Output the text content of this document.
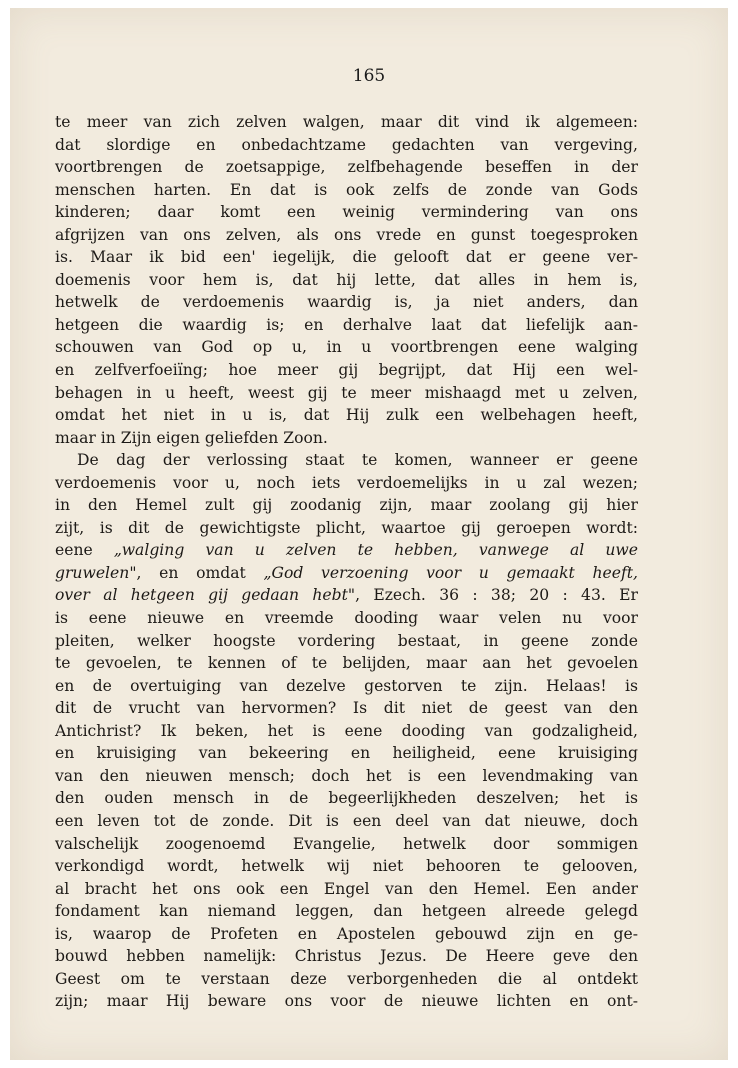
165
te meer van zich zelven walgen, maar dit vind ik algemeen:
dat slordige en onbedachtzame gedachten van vergeving,
voortbrengen de zoetsappige, zelfbehagende beseffen in der
menschen harten. En dat is ook zelfs de zonde van Gods
kinderen; daar komt een weinig vermindering van ons
afgrijzen van ons zelven, als ons vrede en gunst toegesproken
is. Maar ik bid een' iegelijk, die gelooft dat er geene ver-
doemenis voor hem is, dat hij lette, dat alles in hem is,
hetwelk de verdoemenis waardig is, ja niet anders, dan
hetgeen die waardig is; en derhalve laat dat liefelijk aan-
schouwen van God op u, in u voortbrengen eene walging
en zelfverfoeiïng; hoe meer gij begrijpt, dat Hij een wel-
behagen in u heeft, weest gij te meer mishaagd met u zelven,
omdat het niet in u is, dat Hij zulk een welbehagen heeft,
maar in Zijn eigen geliefden Zoon.
De dag der verlossing staat te komen, wanneer er geene
verdoemenis voor u, noch iets verdoemelijks in u zal wezen;
in den Hemel zult gij zoodanig zijn, maar zoolang gij hier
zijt, is dit de gewichtigste plicht, waartoe gij geroepen wordt:
eene „walging van u zelven te hebben, vanwege al uwe
gruwelen", en omdat „God verzoening voor u gemaakt heeft,
over al hetgeen gij gedaan hebt", Ezech. 36 : 38; 20 : 43. Er
is eene nieuwe en vreemde dooding waar velen nu voor
pleiten, welker hoogste vordering bestaat, in geene zonde
te gevoelen, te kennen of te belijden, maar aan het gevoelen
en de overtuiging van dezelve gestorven te zijn. Helaas! is
dit de vrucht van hervormen? Is dit niet de geest van den
Antichrist? Ik beken, het is eene dooding van godzaligheid,
en kruisiging van bekeering en heiligheid, eene kruisiging
van den nieuwen mensch; doch het is een levendmaking van
den ouden mensch in de begeerlijkheden deszelven; het is
een leven tot de zonde. Dit is een deel van dat nieuwe, doch
valschelijk zoogenoemd Evangelie, hetwelk door sommigen
verkondigd wordt, hetwelk wij niet behooren te gelooven,
al bracht het ons ook een Engel van den Hemel. Een ander
fondament kan niemand leggen, dan hetgeen alreede gelegd
is, waarop de Profeten en Apostelen gebouwd zijn en ge-
bouwd hebben namelijk: Christus Jezus. De Heere geve den
Geest om te verstaan deze verborgenheden die al ontdekt
zijn; maar Hij beware ons voor de nieuwe lichten en ont-
